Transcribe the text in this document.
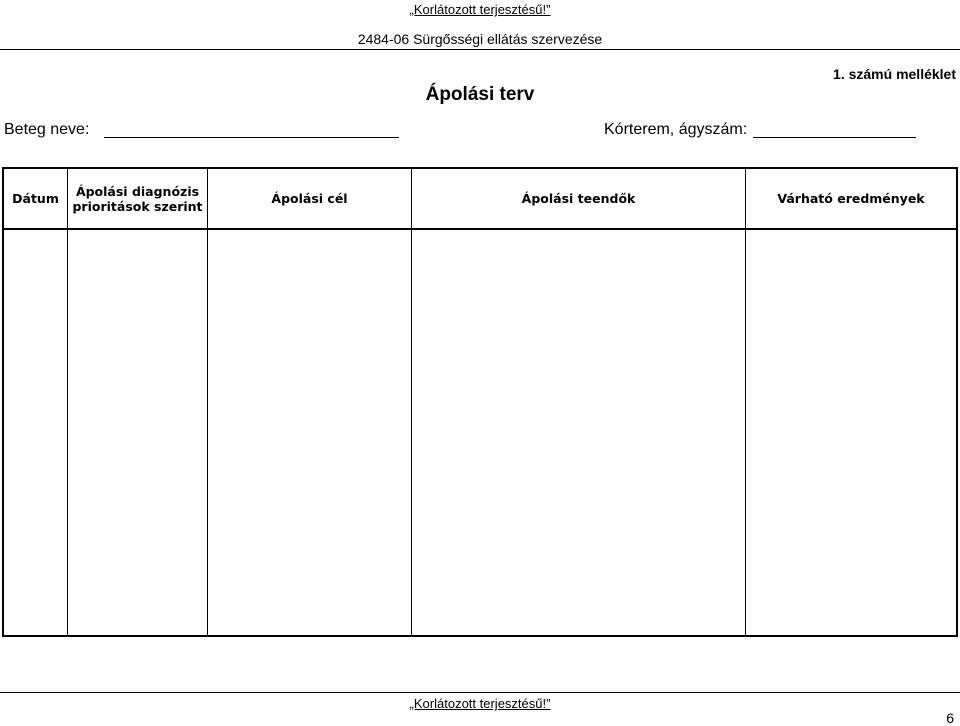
„Korlátozott terjesztésű!”
2484-06 Sürgősségi ellátás szervezése
1. számú melléklet
Ápolási terv
Beteg neve:	Kórterem, ágyszám:
Dátum	Ápolási diagnózis prioritások szerint	Ápolási cél	Ápolási teendők	Várható eredmények
„Korlátozott terjesztésű!”
6
